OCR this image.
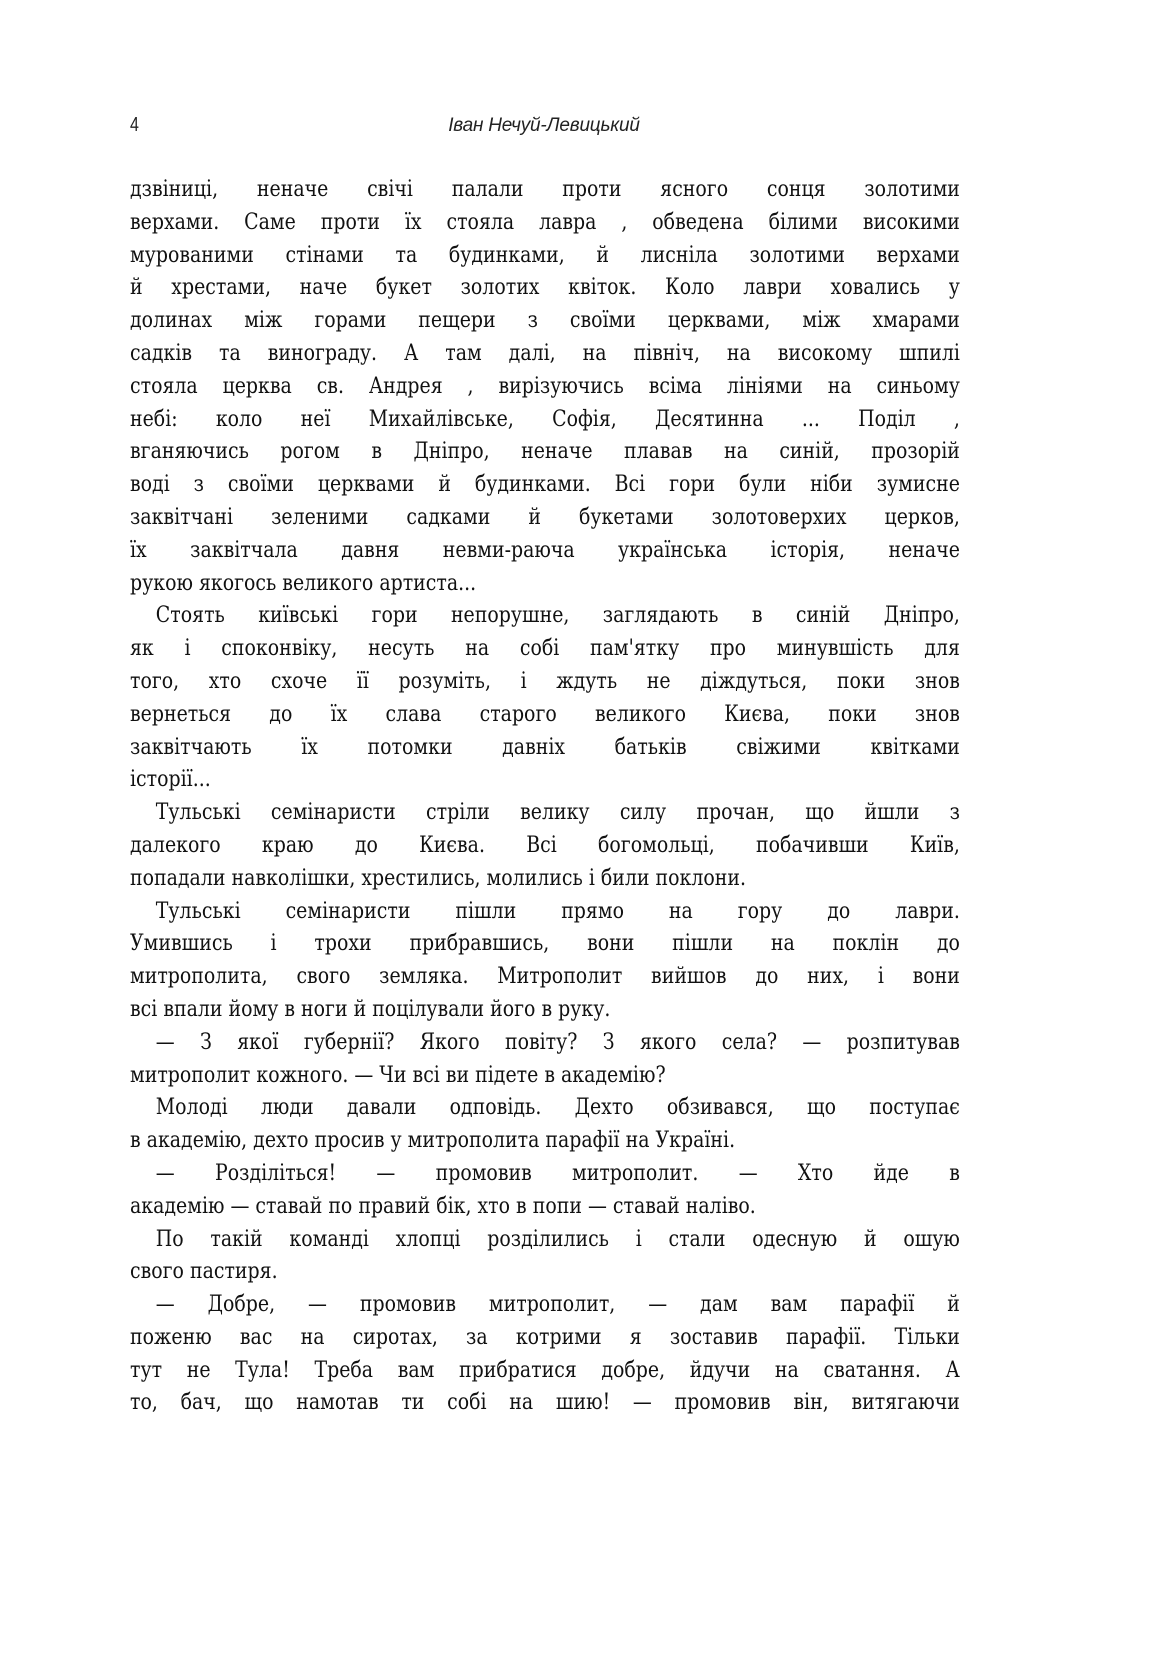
4	Іван Нечуй-Левицький
дзвіниці, неначе свічі палали проти ясного сонця золотими
верхами. Саме проти їх стояла лавра , обведена білими високими
мурованими стінами та будинками, й лисніла золотими верхами
й хрестами, наче букет золотих квіток. Коло лаври ховались у
долинах між горами пещери з своїми церквами, між хмарами
садків та винограду. А там далі, на північ, на високому шпилі
стояла церква св. Андрея , вирізуючись всіма лініями на синьому
небі: коло неї Михайлівське, Софія, Десятинна ... Поділ ,
вганяючись рогом в Дніпро, неначе плавав на синій, прозорій
воді з своїми церквами й будинками. Всі гори були ніби зумисне
заквітчані зеленими садками й букетами золотоверхих церков,
їх заквітчала давня невми-раюча українська історія, неначе
рукою якогось великого артиста...
Стоять київські гори непорушне, заглядають в синій Дніпро,
як і споконвіку, несуть на собі пам'ятку про минувшість для
того, хто схоче її розуміть, і ждуть не діждуться, поки знов
вернеться до їх слава старого великого Києва, поки знов
заквітчають їх потомки давніх батьків свіжими квітками
історії...
Тульські семінаристи стріли велику силу прочан, що йшли з
далекого краю до Києва. Всі богомольці, побачивши Київ,
попадали навколішки, хрестились, молились і били поклони.
Тульські семінаристи пішли прямо на гору до лаври.
Умившись і трохи прибравшись, вони пішли на поклін до
митрополита, свого земляка. Митрополит вийшов до них, і вони
всі впали йому в ноги й поцілували його в руку.
— З якої губернії? Якого повіту? З якого села? — розпитував
митрополит кожного. — Чи всі ви підете в академію?
Молоді люди давали одповідь. Дехто обзивався, що поступає
в академію, дехто просив у митрополита парафії на Україні.
— Розділіться! — промовив митрополит. — Хто йде в
академію — ставай по правий бік, хто в попи — ставай наліво.
По такій команді хлопці розділились і стали одесную й ошую
свого пастиря.
— Добре, — промовив митрополит, — дам вам парафії й
поженю вас на сиротах, за котрими я зоставив парафії. Тільки
тут не Тула! Треба вам прибратися добре, йдучи на сватання. А
то, бач, що намотав ти собі на шию! — промовив він, витягаючи
